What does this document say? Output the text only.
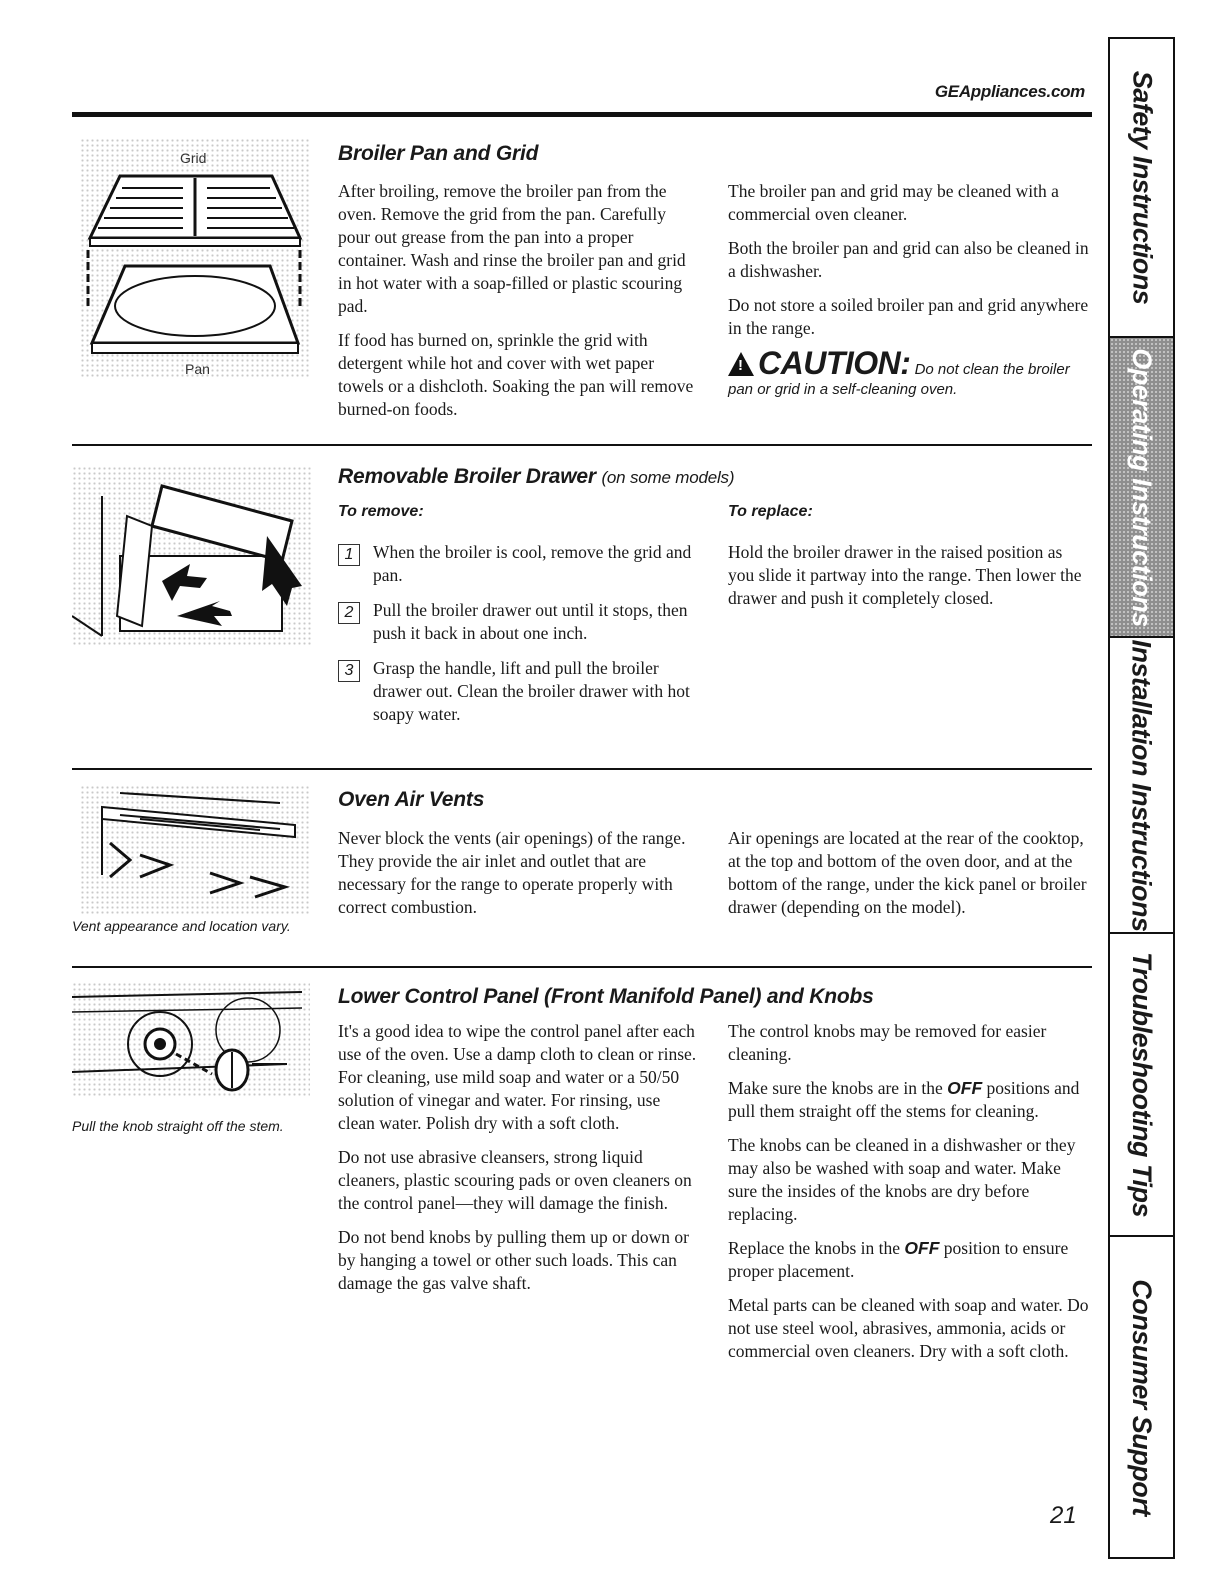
GEAppliances.com
Grid
Pan
Broiler Pan and Grid

After broiling, remove the broiler pan from the oven. Remove the grid from the pan. Carefully pour out grease from the pan into a proper container. Wash and rinse the broiler pan and grid in hot water with a soap-filled or plastic scouring pad.

If food has burned on, sprinkle the grid with detergent while hot and cover with wet paper towels or a dishcloth. Soaking the pan will remove burned-on foods.

The broiler pan and grid may be cleaned with a commercial oven cleaner.

Both the broiler pan and grid can also be cleaned in a dishwasher.

Do not store a soiled broiler pan and grid anywhere in the range.

!CAUTION: Do not clean the broiler pan or grid in a self-cleaning oven.
Removable Broiler Drawer (on some models)
To remove:	To replace:
1	When the broiler is cool, remove the grid and pan.
2	Pull the broiler drawer out until it stops, then push it back in about one inch.
3	Grasp the handle, lift and pull the broiler drawer out. Clean the broiler drawer with hot soapy water.

Hold the broiler drawer in the raised position as you slide it partway into the range. Then lower the drawer and push it completely closed.

Vent appearance and location vary.
Oven Air Vents

Never block the vents (air openings) of the range. They provide the air inlet and outlet that are necessary for the range to operate properly with correct combustion.

Air openings are located at the rear of the cooktop, at the top and bottom of the oven door, and at the bottom of the range, under the kick panel or broiler drawer (depending on the model).

Pull the knob straight off the stem.
Lower Control Panel (Front Manifold Panel) and Knobs

It's a good idea to wipe the control panel after each use of the oven. Use a damp cloth to clean or rinse. For cleaning, use mild soap and water or a 50/50 solution of vinegar and water. For rinsing, use clean water. Polish dry with a soft cloth.

Do not use abrasive cleansers, strong liquid cleaners, plastic scouring pads or oven cleaners on the control panel—they will damage the finish.

Do not bend knobs by pulling them up or down or by hanging a towel or other such loads. This can damage the gas valve shaft.

The control knobs may be removed for easier cleaning.

Make sure the knobs are in the OFF positions and pull them straight off the stems for cleaning.

The knobs can be cleaned in a dishwasher or they may also be washed with soap and water. Make sure the insides of the knobs are dry before replacing.

Replace the knobs in the OFF position to ensure proper placement.

Metal parts can be cleaned with soap and water. Do not use steel wool, abrasives, ammonia, acids or commercial oven cleaners. Dry with a soft cloth.

21
Safety Instructions
Operating Instructions
Installation Instructions
Troubleshooting Tips
Consumer Support
